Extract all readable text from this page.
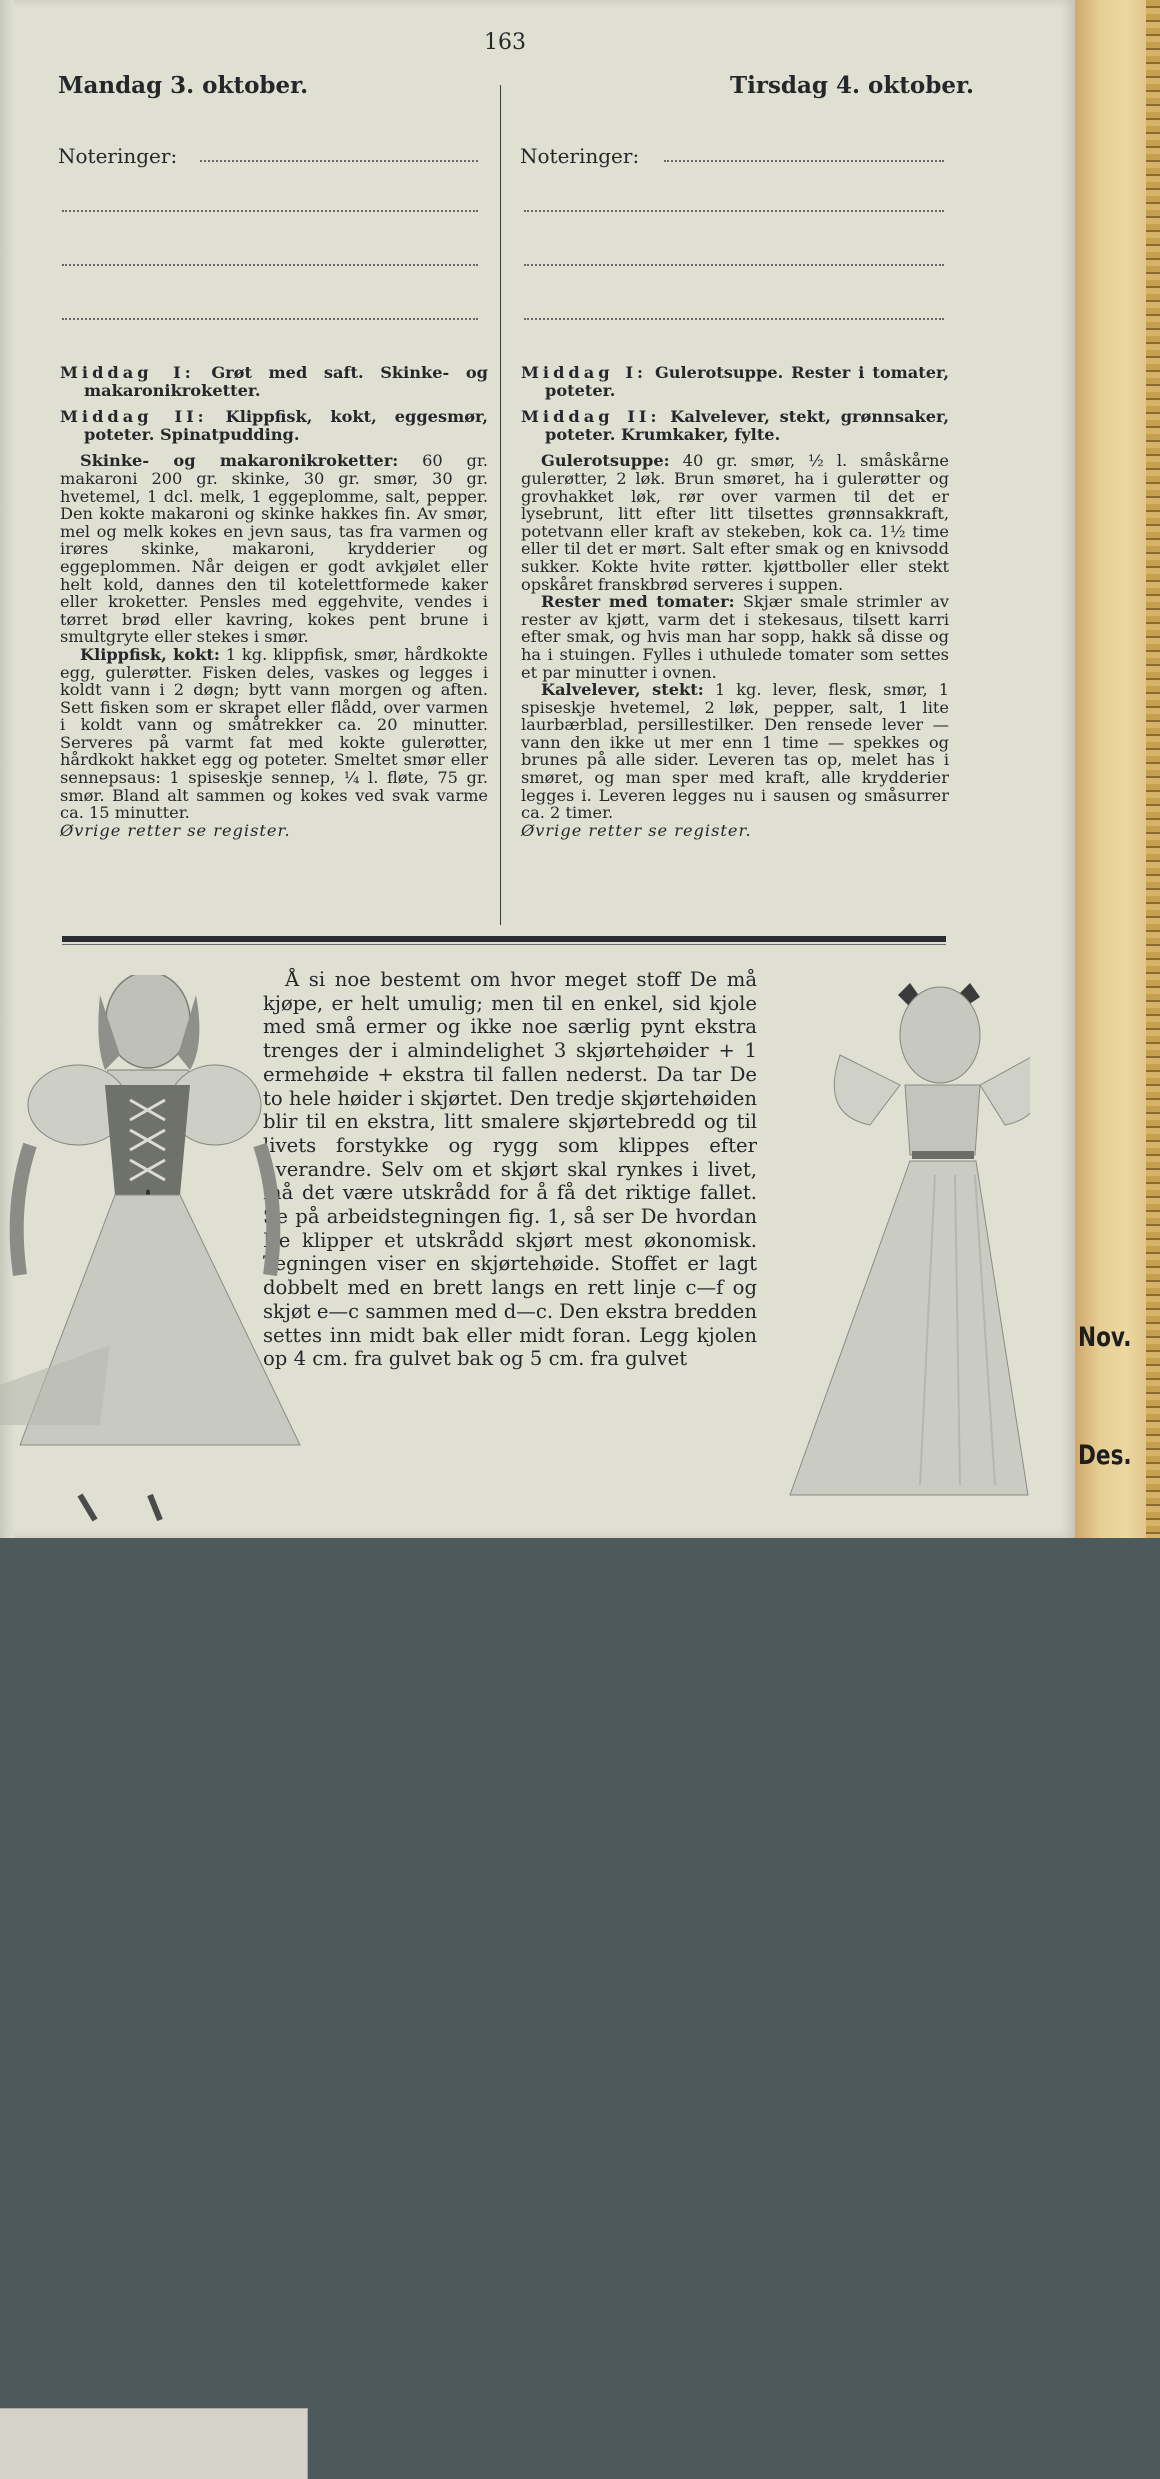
Nov.
Des.
163
Mandag 3. oktober.	Tirsdag 4. oktober.
Noteringer:	Noteringer:

Middag I: Grøt med saft. Skinke- og makaronikroketter.

Middag II: Klippfisk, kokt, eggesmør, poteter. Spinatpudding.

Skinke- og makaronikroketter: 60 gr. makaroni 200 gr. skinke, 30 gr. smør, 30 gr. hvetemel, 1 dcl. melk, 1 eggeplomme, salt, pepper. Den kokte makaroni og skinke hakkes fin. Av smør, mel og melk kokes en jevn saus, tas fra varmen og irøres skinke, makaroni, krydderier og eggeplommen. Når deigen er godt avkjølet eller helt kold, dannes den til kotelettformede kaker eller kroketter. Pensles med eggehvite, vendes i tørret brød eller kavring, kokes pent brune i smultgryte eller stekes i smør.

Klippfisk, kokt: 1 kg. klippfisk, smør, hårdkokte egg, gulerøtter. Fisken deles, vaskes og legges i koldt vann i 2 døgn; bytt vann morgen og aften. Sett fisken som er skrapet eller flådd, over varmen i koldt vann og småtrekker ca. 20 minutter. Serveres på varmt fat med kokte gulerøtter, hårdkokt hakket egg og poteter. Smeltet smør eller sennepsaus: 1 spiseskje sennep, ¼ l. fløte, 75 gr. smør. Bland alt sammen og kokes ved svak varme ca. 15 minutter.

Øvrige retter se register.

Middag I: Gulerotsuppe. Rester i tomater, poteter.

Middag II: Kalvelever, stekt, grønnsaker, poteter. Krumkaker, fylte.

Gulerotsuppe: 40 gr. smør, ½ l. småskårne gulerøtter, 2 løk. Brun smøret, ha i gulerøtter og grovhakket løk, rør over varmen til det er lysebrunt, litt efter litt tilsettes grønnsakkraft, potetvann eller kraft av stekeben, kok ca. 1½ time eller til det er mørt. Salt efter smak og en knivsodd sukker. Kokte hvite røtter. kjøttboller eller stekt opskåret franskbrød serveres i suppen.

Rester med tomater: Skjær smale strimler av rester av kjøtt, varm det i stekesaus, tilsett karri efter smak, og hvis man har sopp, hakk så disse og ha i stuingen. Fylles i uthulede tomater som settes et par minutter i ovnen.

Kalvelever, stekt: 1 kg. lever, flesk, smør, 1 spiseskje hvetemel, 2 løk, pepper, salt, 1 lite laurbærblad, persillestilker. Den rensede lever — vann den ikke ut mer enn 1 time — spekkes og brunes på alle sider. Leveren tas op, melet has i smøret, og man sper med kraft, alle krydderier legges i. Leveren legges nu i sausen og småsurrer ca. 2 timer.

Øvrige retter se register.

Å si noe bestemt om hvor meget stoff De må kjøpe, er helt umulig; men til en enkel, sid kjole med små ermer og ikke noe særlig pynt ekstra trenges der i almindelighet 3 skjørtehøider + 1 ermehøide + ekstra til fallen nederst. Da tar De to hele høider i skjørtet. Den tredje skjørtehøiden blir til en ekstra, litt smalere skjørtebredd og til livets forstykke og rygg som klippes efter hverandre. Selv om et skjørt skal rynkes i livet, må det være utskrådd for å få det riktige fallet. Se på arbeidstegningen fig. 1, så ser De hvordan De klipper et utskrådd skjørt mest økonomisk. Tegningen viser en skjørtehøide. Stoffet er lagt dobbelt med en brett langs en rett linje c—f og skjøt e—c sammen med d—c. Den ekstra bredden settes inn midt bak eller midt foran. Legg kjolen op 4 cm. fra gulvet bak og 5 cm. fra gulvet
